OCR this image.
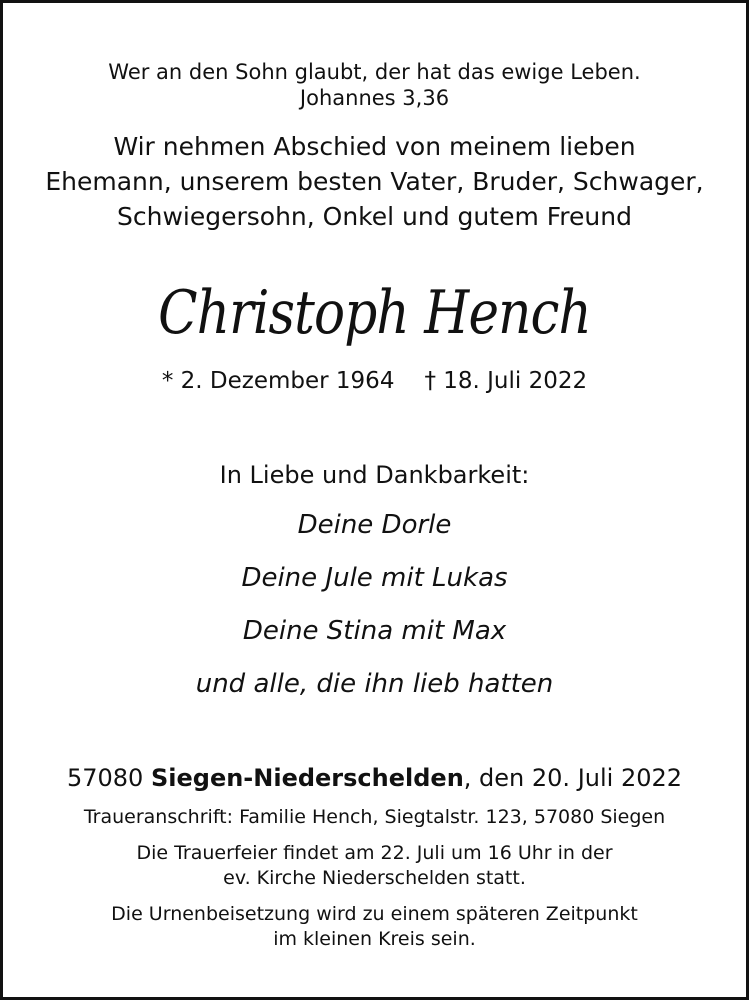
Wer an den Sohn glaubt, der hat das ewige Leben.
Johannes 3,36
Wir nehmen Abschied von meinem lieben
Ehemann, unserem besten Vater, Bruder, Schwager,
Schwiegersohn, Onkel und gutem Freund
Christoph Hench
* 2. Dezember 1964 † 18. Juli 2022
In Liebe und Dankbarkeit:
Deine Dorle
Deine Jule mit Lukas
Deine Stina mit Max
und alle, die ihn lieb hatten
57080 Siegen-Niederschelden, den 20. Juli 2022
Traueranschrift: Familie Hench, Siegtalstr. 123, 57080 Siegen
Die Trauerfeier findet am 22. Juli um 16 Uhr in der
ev. Kirche Niederschelden statt.
Die Urnenbeisetzung wird zu einem späteren Zeitpunkt
im kleinen Kreis sein.
